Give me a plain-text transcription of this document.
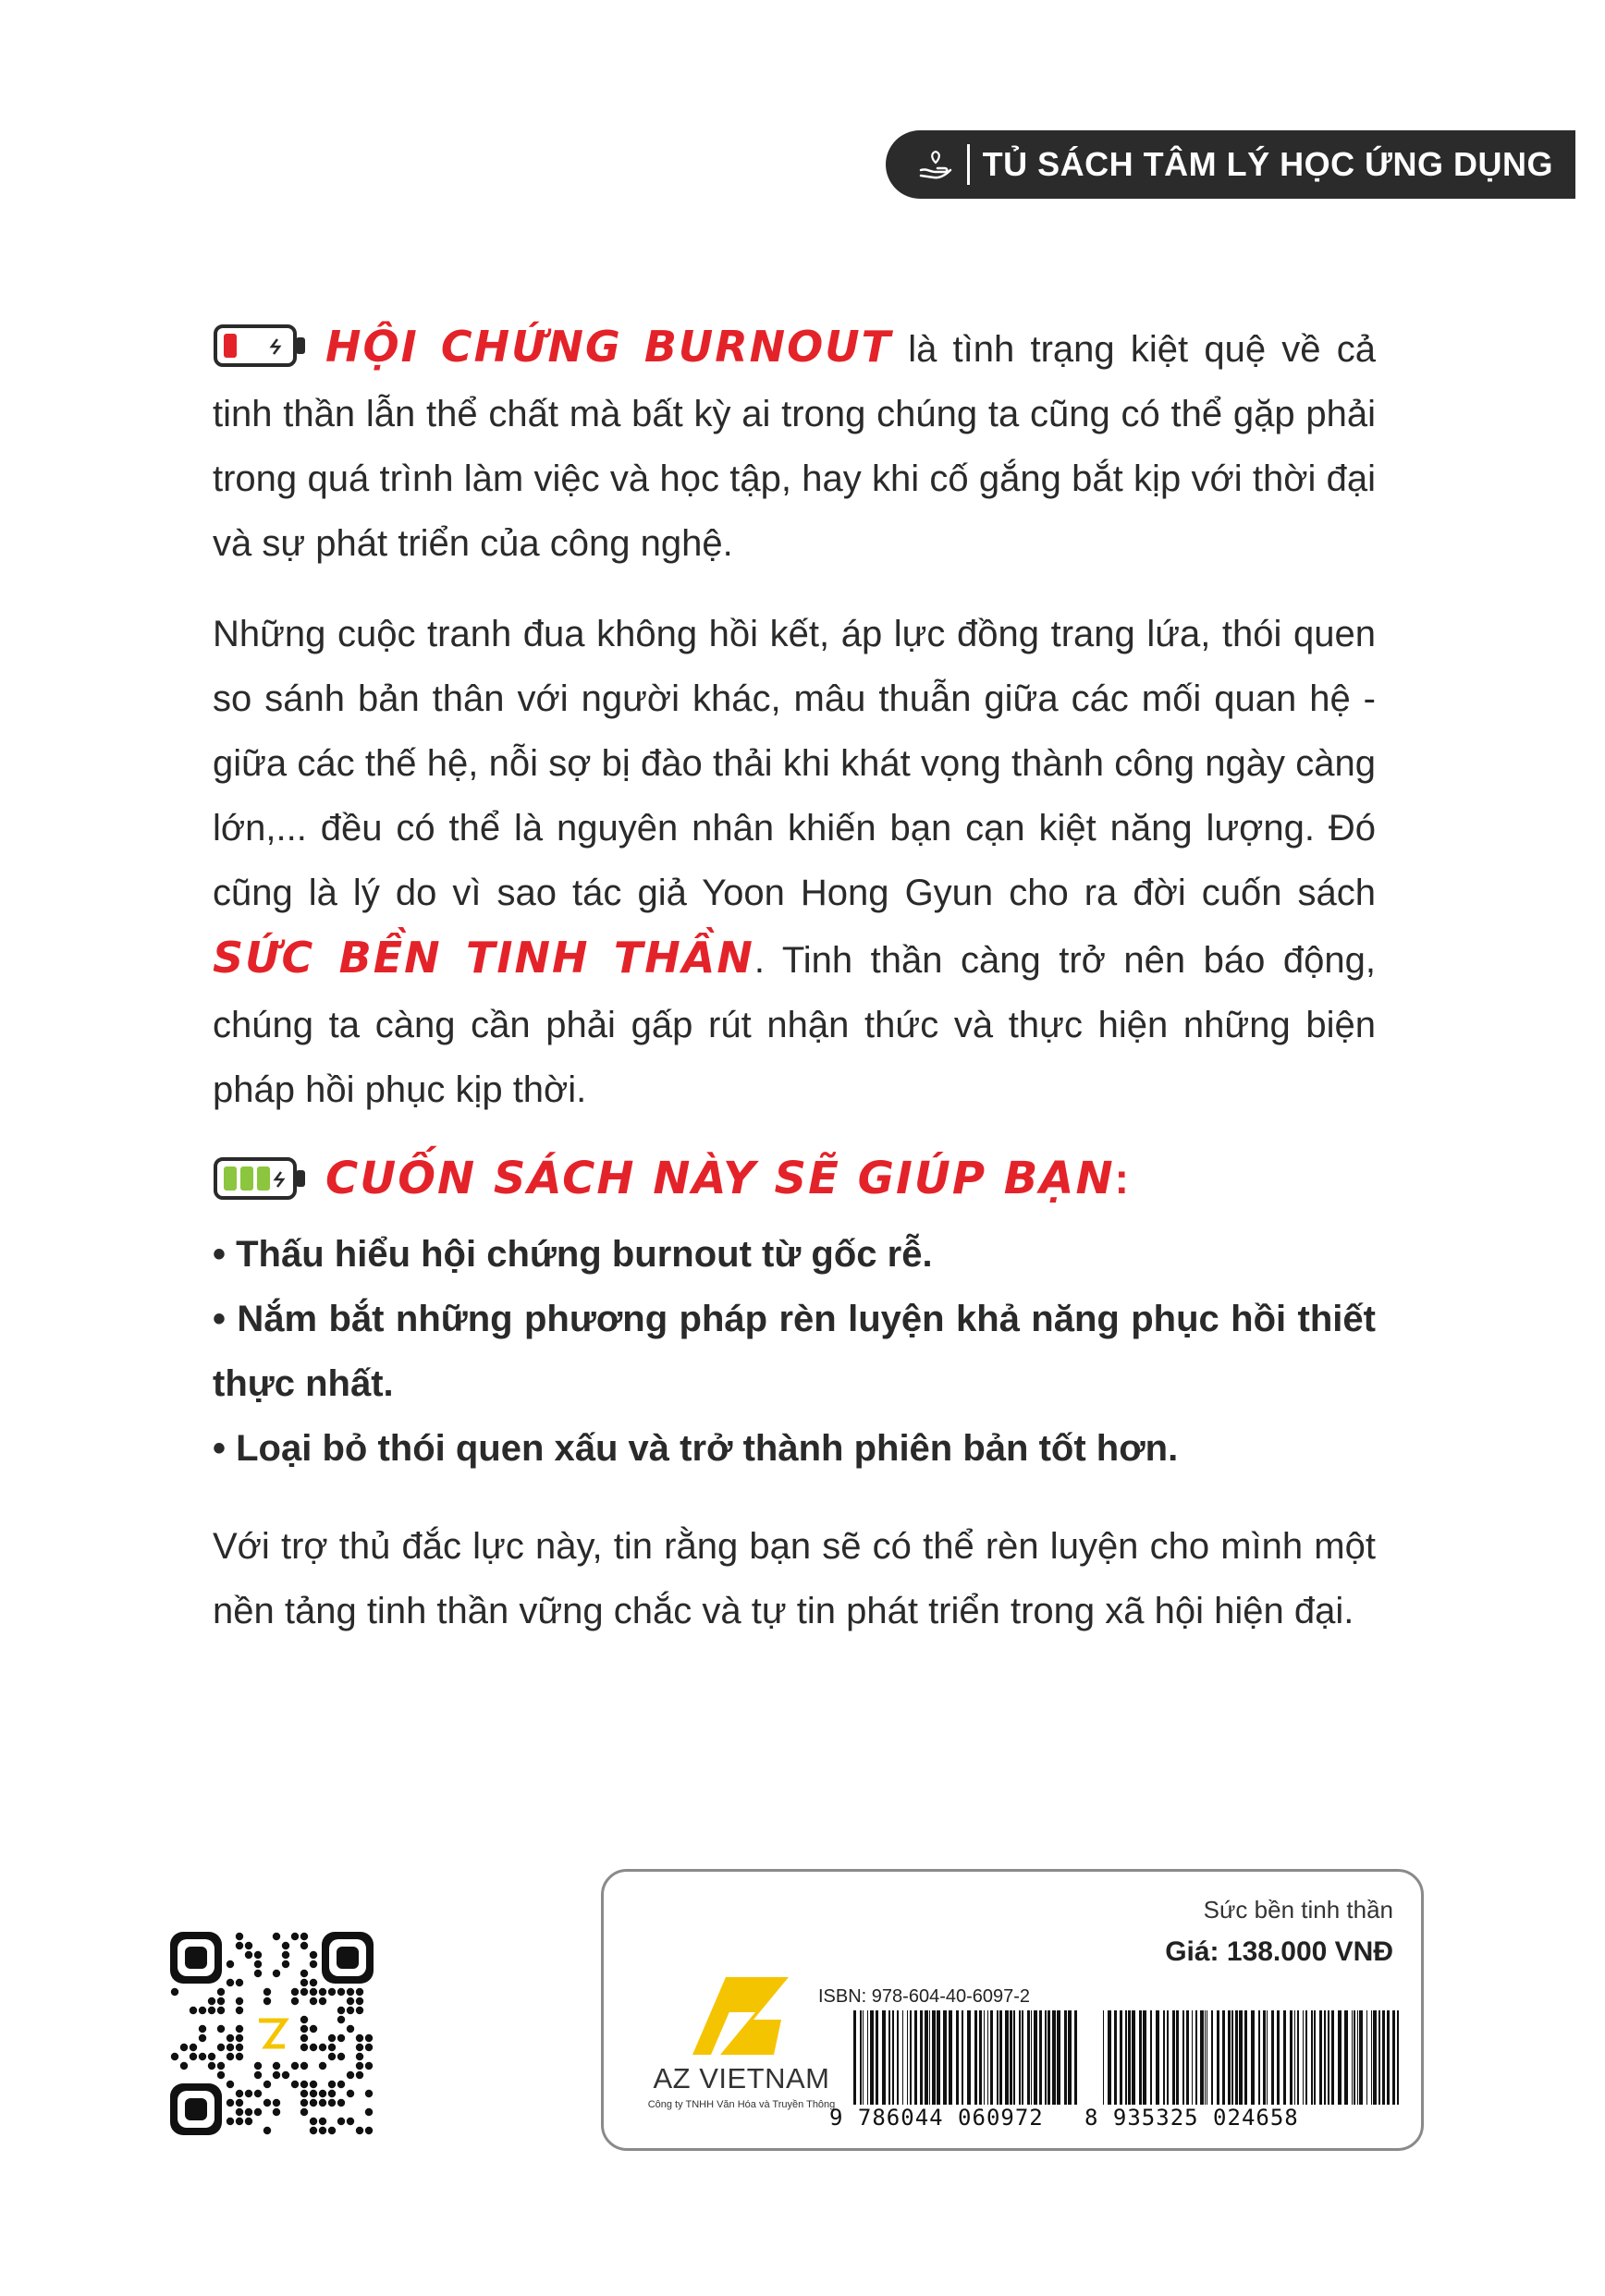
TỦ SÁCH TÂM LÝ HỌC ỨNG DỤNG

HỘI CHỨNG BURNOUT là tình trạng kiệt quệ về cả tinh thần lẫn thể chất mà bất kỳ ai trong chúng ta cũng có thể gặp phải trong quá trình làm việc và học tập, hay khi cố gắng bắt kịp với thời đại và sự phát triển của công nghệ.

Những cuộc tranh đua không hồi kết, áp lực đồng trang lứa, thói quen so sánh bản thân với người khác, mâu thuẫn giữa các mối quan hệ - giữa các thế hệ, nỗi sợ bị đào thải khi khát vọng thành công ngày càng lớn,... đều có thể là nguyên nhân khiến bạn cạn kiệt năng lượng. Đó cũng là lý do vì sao tác giả Yoon Hong Gyun cho ra đời cuốn sách SỨC BỀN TINH THẦN. Tinh thần càng trở nên báo động, chúng ta càng cần phải gấp rút nhận thức và thực hiện những biện pháp hồi phục kịp thời.

CUỐN SÁCH NÀY SẼ GIÚP BẠN :
• Thấu hiểu hội chứng burnout từ gốc rễ.
• Nắm bắt những phương pháp rèn luyện khả năng phục hồi thiết thực nhất.
• Loại bỏ thói quen xấu và trở thành phiên bản tốt hơn.

Với trợ thủ đắc lực này, tin rằng bạn sẽ có thể rèn luyện cho mình một nền tảng tinh thần vững chắc và tự tin phát triển trong xã hội hiện đại.

AZ VIETNAM
Công ty TNHH Văn Hóa và Truyền Thông
Sức bền tinh thần
Giá: 138.000 VNĐ
ISBN: 978-604-40-6097-2
9 786044 060972 8 935325 024658
